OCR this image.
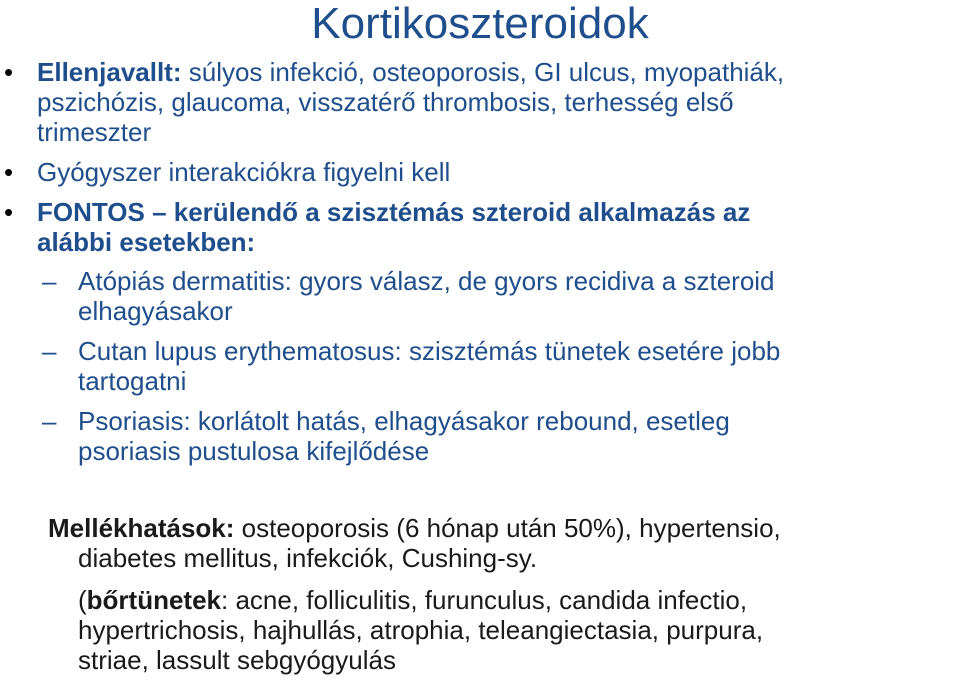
Kortikoszteroidok
• Ellenjavallt: súlyos infekció, osteoporosis, GI ulcus, myopathiák,
pszichózis, glaucoma, visszatérő thrombosis, terhesség első
trimeszter
• Gyógyszer interakciókra figyelni kell
• FONTOS – kerülendő a szisztémás szteroid alkalmazás az
alábbi esetekben:
– Atópiás dermatitis: gyors válasz, de gyors recidiva a szteroid
elhagyásakor
– Cutan lupus erythematosus: szisztémás tünetek esetére jobb
tartogatni
– Psoriasis: korlátolt hatás, elhagyásakor rebound, esetleg
psoriasis pustulosa kifejlődése
Mellékhatások: osteoporosis (6 hónap után 50%), hypertensio,
diabetes mellitus, infekciók, Cushing-sy.
(bőrtünetek: acne, folliculitis, furunculus, candida infectio,
hypertrichosis, hajhullás, atrophia, teleangiectasia, purpura,
striae, lassult sebgyógyulás
